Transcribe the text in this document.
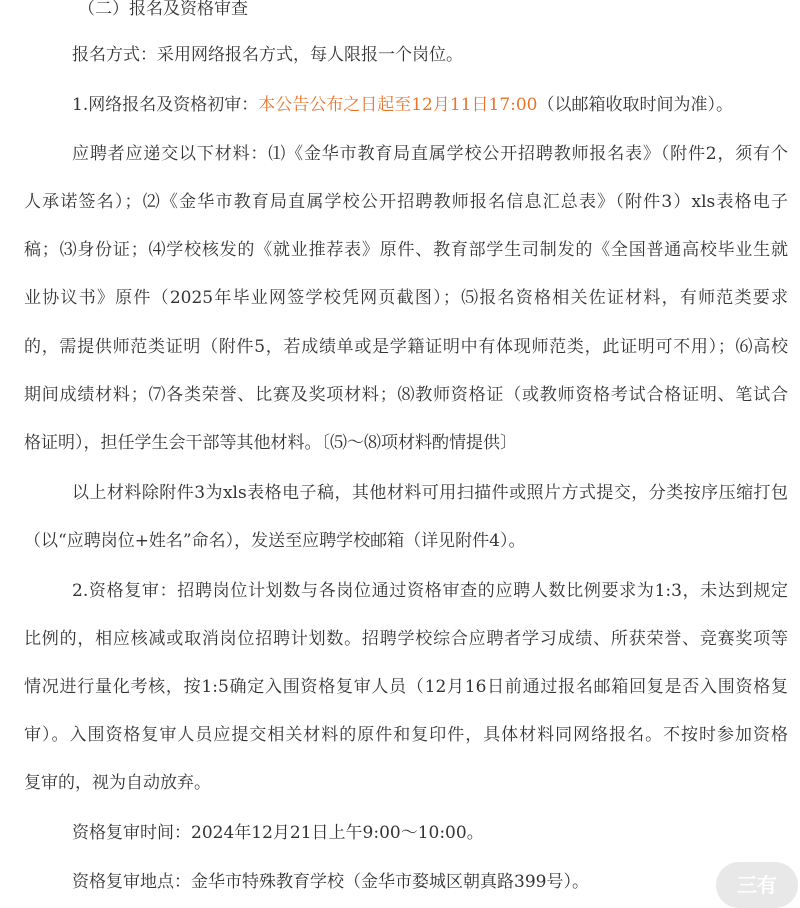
（二）报名及资格审查
报名方式：采用网络报名方式，每人限报一个岗位。
1.网络报名及资格初审：本公告公布之日起至12月11日17:00（以邮箱收取时间为准）。
应聘者应递交以下材料：⑴《金华市教育局直属学校公开招聘教师报名表》（附件2，须有个
人承诺签名）；⑵《金华市教育局直属学校公开招聘教师报名信息汇总表》（附件3）xls表格电子
稿；⑶身份证；⑷学校核发的《就业推荐表》原件、教育部学生司制发的《全国普通高校毕业生就
业协议书》原件（2025年毕业网签学校凭网页截图）；⑸报名资格相关佐证材料，有师范类要求
的，需提供师范类证明（附件5，若成绩单或是学籍证明中有体现师范类，此证明可不用）；⑹高校
期间成绩材料；⑺各类荣誉、比赛及奖项材料；⑻教师资格证（或教师资格考试合格证明、笔试合
格证明），担任学生会干部等其他材料。〔⑸～⑻项材料酌情提供〕
以上材料除附件3为xls表格电子稿，其他材料可用扫描件或照片方式提交，分类按序压缩打包
（以“应聘岗位+姓名”命名），发送至应聘学校邮箱（详见附件4）。
2.资格复审：招聘岗位计划数与各岗位通过资格审查的应聘人数比例要求为1:3，未达到规定
比例的，相应核减或取消岗位招聘计划数。招聘学校综合应聘者学习成绩、所获荣誉、竞赛奖项等
情况进行量化考核，按1:5确定入围资格复审人员（12月16日前通过报名邮箱回复是否入围资格复
审）。入围资格复审人员应提交相关材料的原件和复印件，具体材料同网络报名。不按时参加资格
复审的，视为自动放弃。
资格复审时间：2024年12月21日上午9:00～10:00。
资格复审地点：金华市特殊教育学校（金华市婺城区朝真路399号）。	三有
